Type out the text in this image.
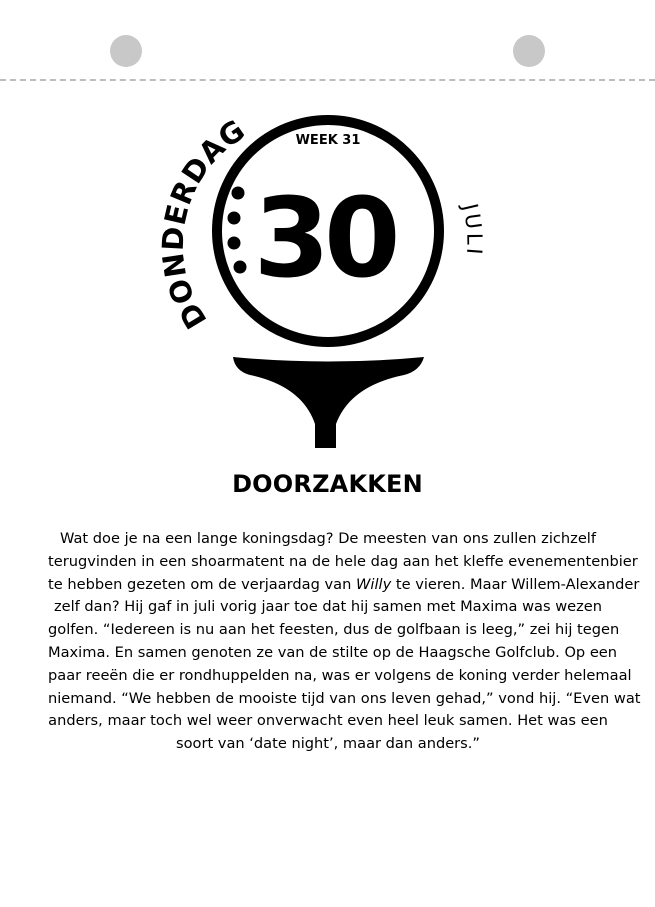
WEEK 31
30
DONDERDAG
JULI
DOORZAKKEN

Wat doe je na een lange koningsdag? De meesten van ons zullen zichzelf
terugvinden in een shoarmatent na de hele dag aan het kleffe evenementenbier
te hebben gezeten om de verjaardag van Willy te vieren. Maar Willem-Alexander
zelf dan? Hij gaf in juli vorig jaar toe dat hij samen met Maxima was wezen
golfen. “Iedereen is nu aan het feesten, dus de golfbaan is leeg,” zei hij tegen
Maxima. En samen genoten ze van de stilte op de Haagsche Golfclub. Op een
paar reeën die er rondhuppelden na, was er volgens de koning verder helemaal
niemand. “We hebben de mooiste tijd van ons leven gehad,” vond hij. “Even wat
anders, maar toch wel weer onverwacht even heel leuk samen. Het was een
soort van ‘date night’, maar dan anders.”
